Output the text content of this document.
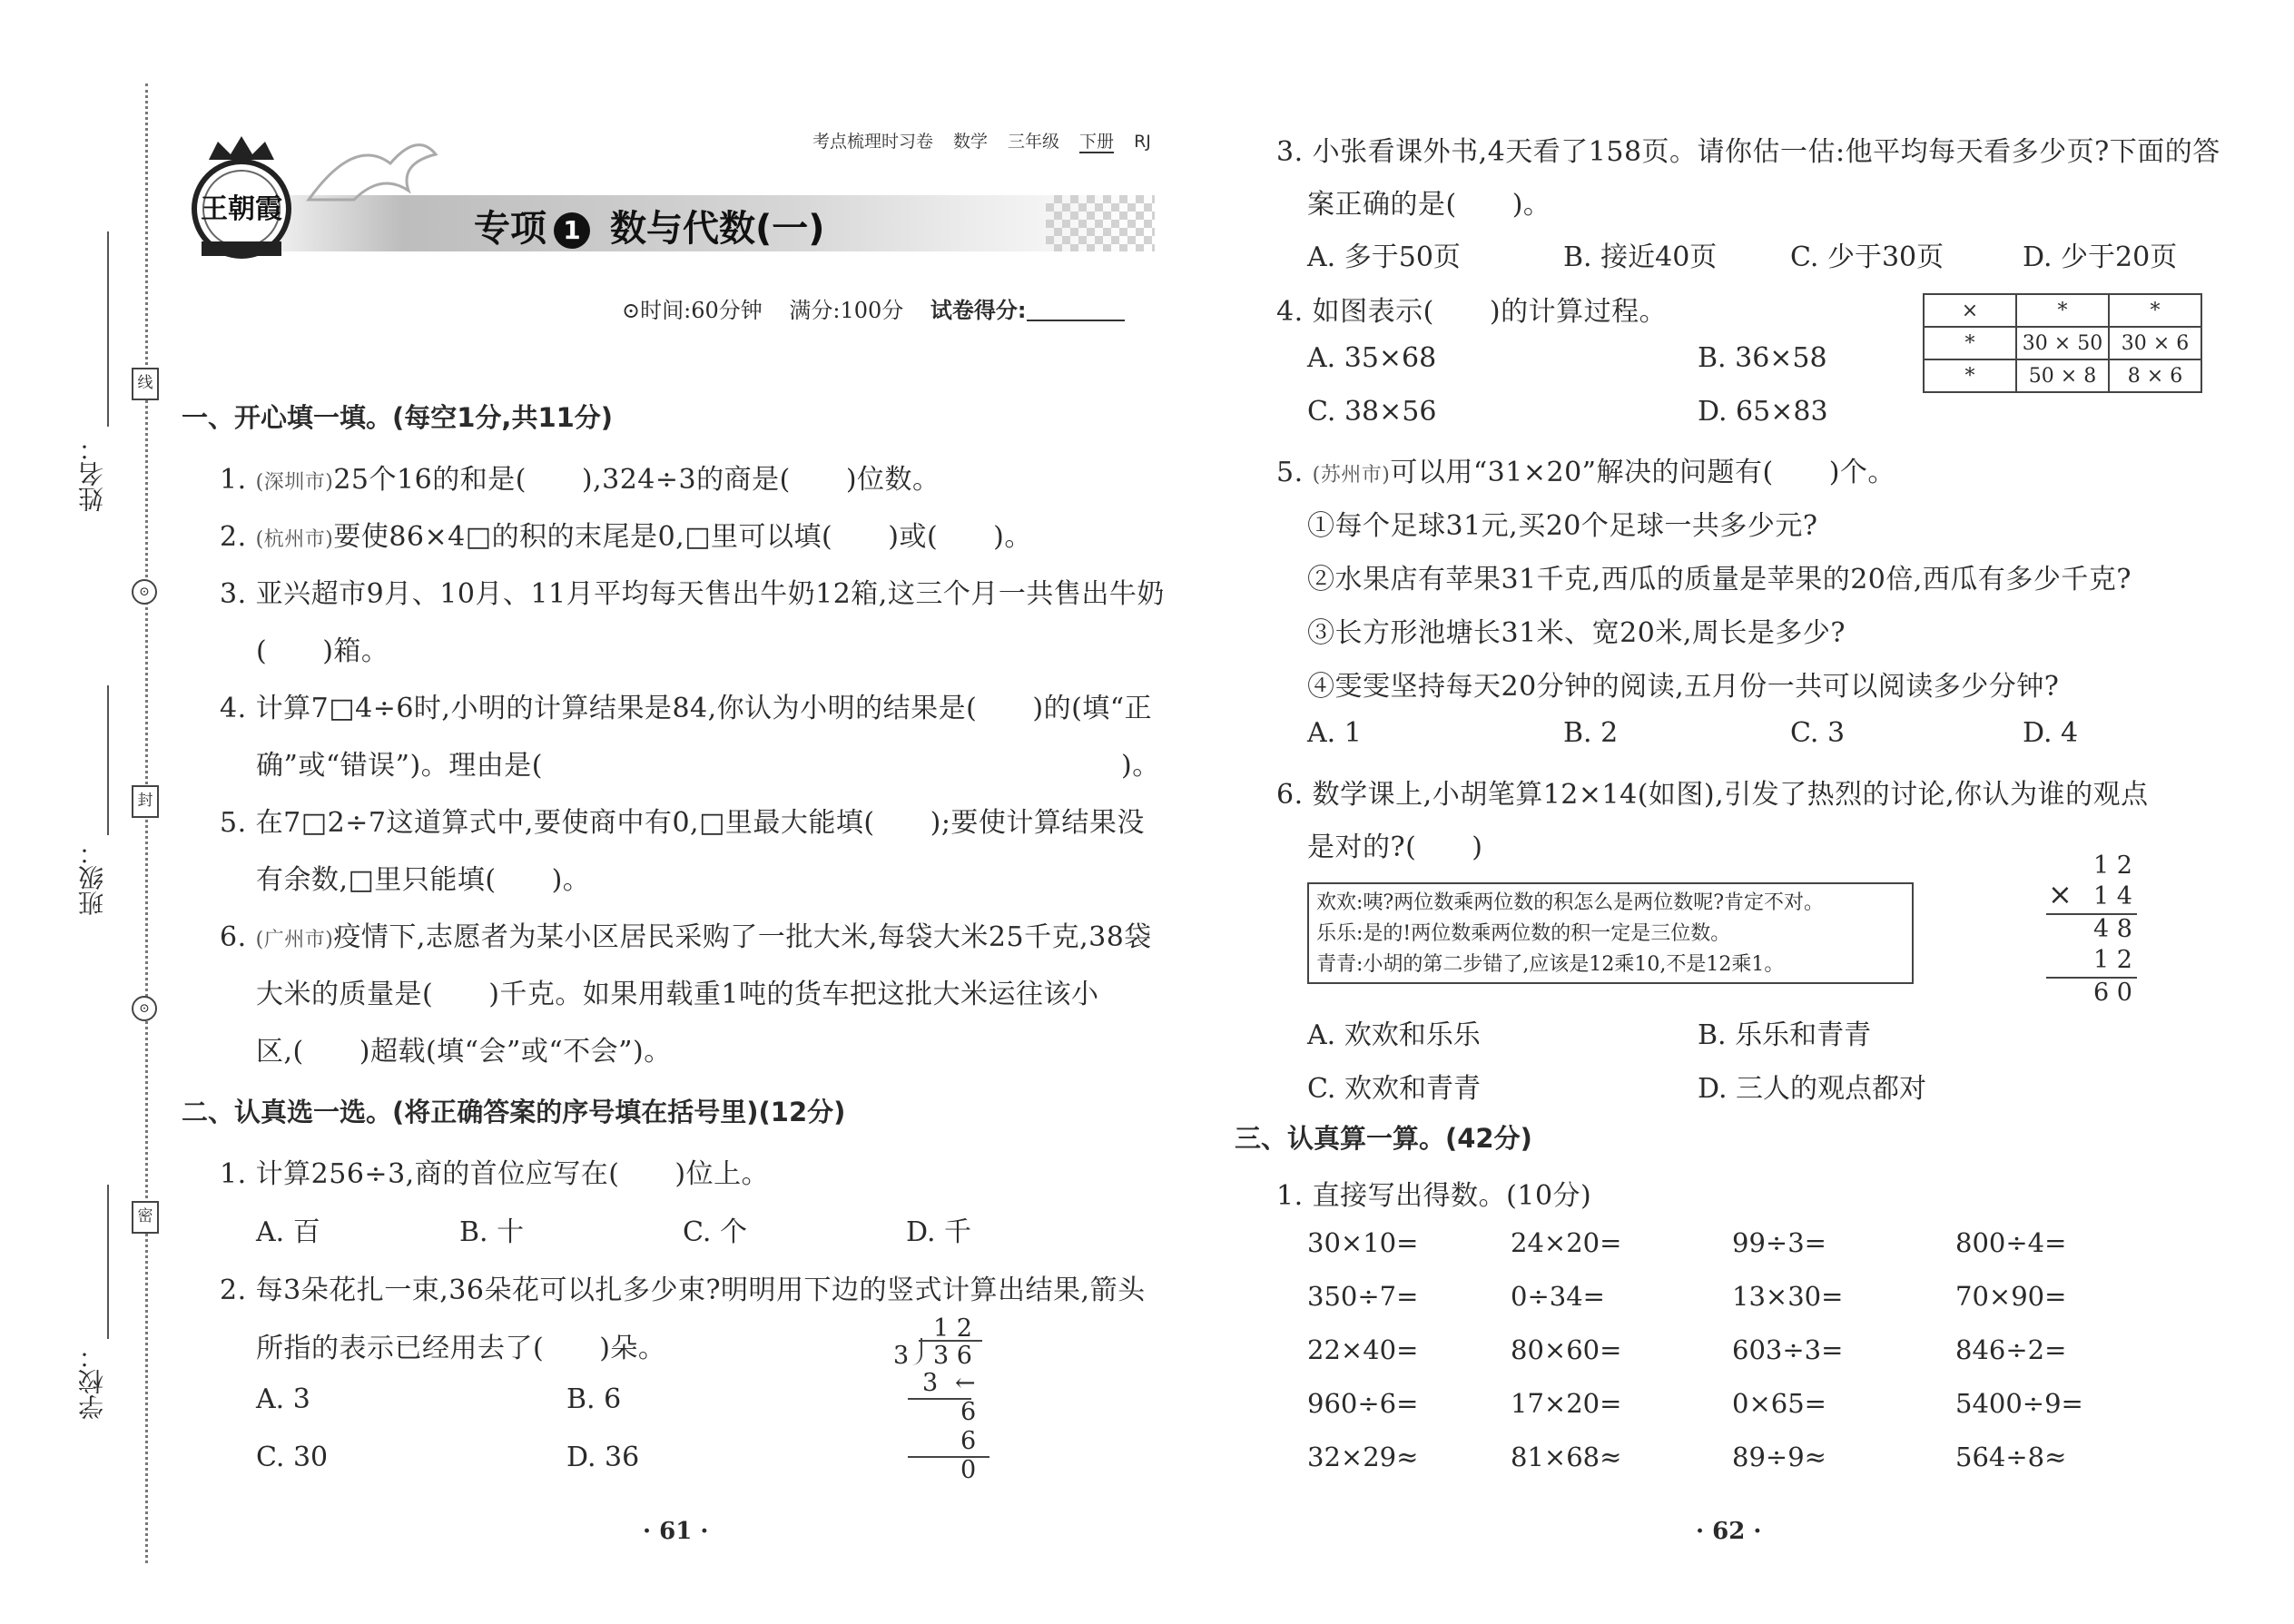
姓名：
班级：
学校：
线
⊙
封
⊙
密
王朝霞
考点梳理时习卷 数学 三年级 下册 RJ
专项 1 数与代数(一)
⊙时间:60分钟 满分:100分 试卷得分:
一、开心填一填。(每空1分,共11分)
1. (深圳市)25个16的和是(　　),324÷3的商是(　　)位数。
2. (杭州市)要使86×4□的积的末尾是0,□里可以填(　　)或(　　)。
3. 亚兴超市9月、10月、11月平均每天售出牛奶12箱,这三个月一共售出牛奶
(　　)箱。
4. 计算7□4÷6时,小明的计算结果是84,你认为小明的结果是(　　)的(填“正
确”或“错误”)。理由是(	)。
5. 在7□2÷7这道算式中,要使商中有0,□里最大能填(　　);要使计算结果没
有余数,□里只能填(　　)。
6. (广州市)疫情下,志愿者为某小区居民采购了一批大米,每袋大米25千克,38袋
大米的质量是(　　)千克。如果用载重1吨的货车把这批大米运往该小
区,(　　)超载(填“会”或“不会”)。
二、认真选一选。(将正确答案的序号填在括号里)(12分)
1. 计算256÷3,商的首位应写在(　　)位上。
A. 百	B. 十	C. 个	D. 千
2. 每3朵花扎一束,36朵花可以扎多少束?明明用下边的竖式计算出结果,箭头
所指的表示已经用去了(　　)朵。
A. 3	B. 6
C. 30	D. 36
1 2
3 3 6
3 ←
6
6
0
· 61 ·
3. 小张看课外书,4天看了158页。请你估一估:他平均每天看多少页?下面的答
案正确的是(　　)。
A. 多于50页	B. 接近40页	C. 少于30页	D. 少于20页
4. 如图表示(　　)的计算过程。	×	*	*
*	30 × 50	30 × 6
*	50 × 8	8 × 6
A. 35×68	B. 36×58
C. 38×56	D. 65×83
5. (苏州市)可以用“31×20”解决的问题有(　　)个。
①每个足球31元,买20个足球一共多少元?
②水果店有苹果31千克,西瓜的质量是苹果的20倍,西瓜有多少千克?
③长方形池塘长31米、宽20米,周长是多少?
④雯雯坚持每天20分钟的阅读,五月份一共可以阅读多少分钟?
A. 1	B. 2	C. 3	D. 4
6. 数学课上,小胡笔算12×14(如图),引发了热烈的讨论,你认为谁的观点
是对的?(　　)
欢欢:咦?两位数乘两位数的积怎么是两位数呢?肯定不对。
乐乐:是的!两位数乘两位数的积一定是三位数。
青青:小胡的第二步错了,应该是12乘10,不是12乘1。
1 2
× 1 4
4 8
1 2
6 0
A. 欢欢和乐乐	B. 乐乐和青青
C. 欢欢和青青	D. 三人的观点都对
三、认真算一算。(42分)
1. 直接写出得数。(10分)
30×10=	24×20=	99÷3=	800÷4=
350÷7=	0÷34=	13×30=	70×90=
22×40=	80×60=	603÷3=	846÷2=
960÷6=	17×20=	0×65=	5400÷9=
32×29≈	81×68≈	89÷9≈	564÷8≈
· 62 ·
